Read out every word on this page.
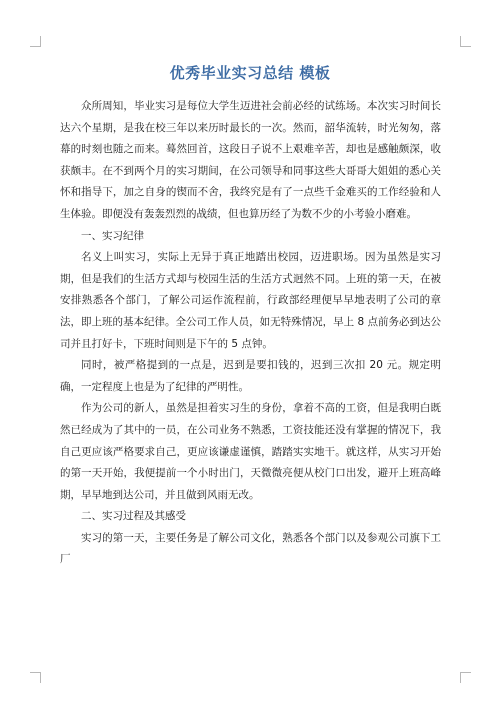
优秀毕业实习总结 模板

众所周知，毕业实习是每位大学生迈进社会前必经的试练场。本次实习时间长达六个星期，是我在校三年以来历时最长的一次。然而，韶华流转，时光匆匆，落幕的时刻也随之而来。蓦然回首，这段日子说不上艰难辛苦，却也是感触颇深，收获颇丰。在不到两个月的实习期间，在公司领导和同事这些大哥哥大姐姐的悉心关怀和指导下，加之自身的锲而不舍，我终究是有了一点些千金难买的工作经验和人生体验。即便没有轰轰烈烈的战绩，但也算历经了为数不少的小考验小磨难。

一、实习纪律

名义上叫实习，实际上无异于真正地踏出校园，迈进职场。因为虽然是实习期，但是我们的生活方式却与校园生活的生活方式迥然不同。上班的第一天，在被安排熟悉各个部门，了解公司运作流程前，行政部经理便早早地表明了公司的章法，即上班的基本纪律。全公司工作人员，如无特殊情况，早上 8 点前务必到达公司并且打好卡，下班时间则是下午的 5 点钟。

同时，被严格提到的一点是，迟到是要扣钱的，迟到三次扣 20 元。规定明确，一定程度上也是为了纪律的严明性。

作为公司的新人，虽然是担着实习生的身份，拿着不高的工资，但是我明白既然已经成为了其中的一员，在公司业务不熟悉，工资技能还没有掌握的情况下，我自己更应该严格要求自己，更应该谦虚谨慎，踏踏实实地干。就这样，从实习开始的第一天开始，我便提前一个小时出门，天微微亮便从校门口出发，避开上班高峰期，早早地到达公司，并且做到风雨无改。

二、实习过程及其感受

实习的第一天，主要任务是了解公司文化，熟悉各个部门以及参观公司旗下工厂
